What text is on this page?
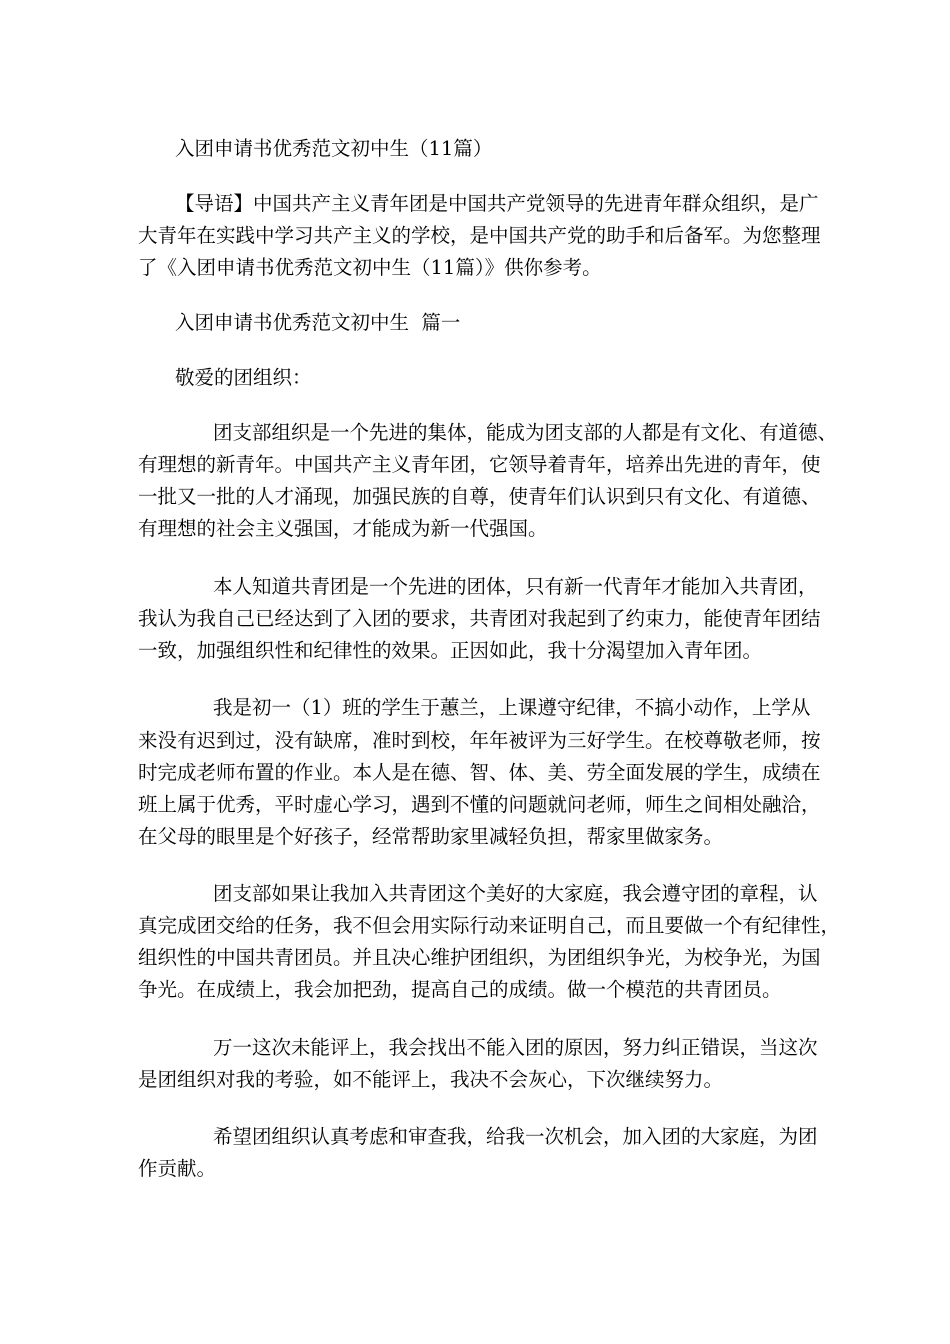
入团申请书优秀范文初中生（11篇）

【导语】中国共产主义青年团是中国共产党领导的先进青年群众组织，是广

大青年在实践中学习共产主义的学校，是中国共产党的助手和后备军。为您整理

了《入团申请书优秀范文初中生（11篇）》供你参考。

入团申请书优秀范文初中生  篇一

敬爱的团组织：

团支部组织是一个先进的集体，能成为团支部的人都是有文化、有道德、

有理想的新青年。中国共产主义青年团，它领导着青年，培养出先进的青年，使

一批又一批的人才涌现，加强民族的自尊，使青年们认识到只有文化、有道德、

有理想的社会主义强国，才能成为新一代强国。

本人知道共青团是一个先进的团体，只有新一代青年才能加入共青团，

我认为我自己已经达到了入团的要求，共青团对我起到了约束力，能使青年团结

一致，加强组织性和纪律性的效果。正因如此，我十分渴望加入青年团。

我是初一（1）班的学生于蕙兰，上课遵守纪律，不搞小动作，上学从

来没有迟到过，没有缺席，准时到校，年年被评为三好学生。在校尊敬老师，按

时完成老师布置的作业。本人是在德、智、体、美、劳全面发展的学生，成绩在

班上属于优秀，平时虚心学习，遇到不懂的问题就问老师，师生之间相处融洽，

在父母的眼里是个好孩子，经常帮助家里减轻负担，帮家里做家务。

团支部如果让我加入共青团这个美好的大家庭，我会遵守团的章程，认

真完成团交给的任务，我不但会用实际行动来证明自己，而且要做一个有纪律性，

组织性的中国共青团员。并且决心维护团组织，为团组织争光，为校争光，为国

争光。在成绩上，我会加把劲，提高自己的成绩。做一个模范的共青团员。

万一这次未能评上，我会找出不能入团的原因，努力纠正错误，当这次

是团组织对我的考验，如不能评上，我决不会灰心，下次继续努力。

希望团组织认真考虑和审查我，给我一次机会，加入团的大家庭，为团

作贡献。
